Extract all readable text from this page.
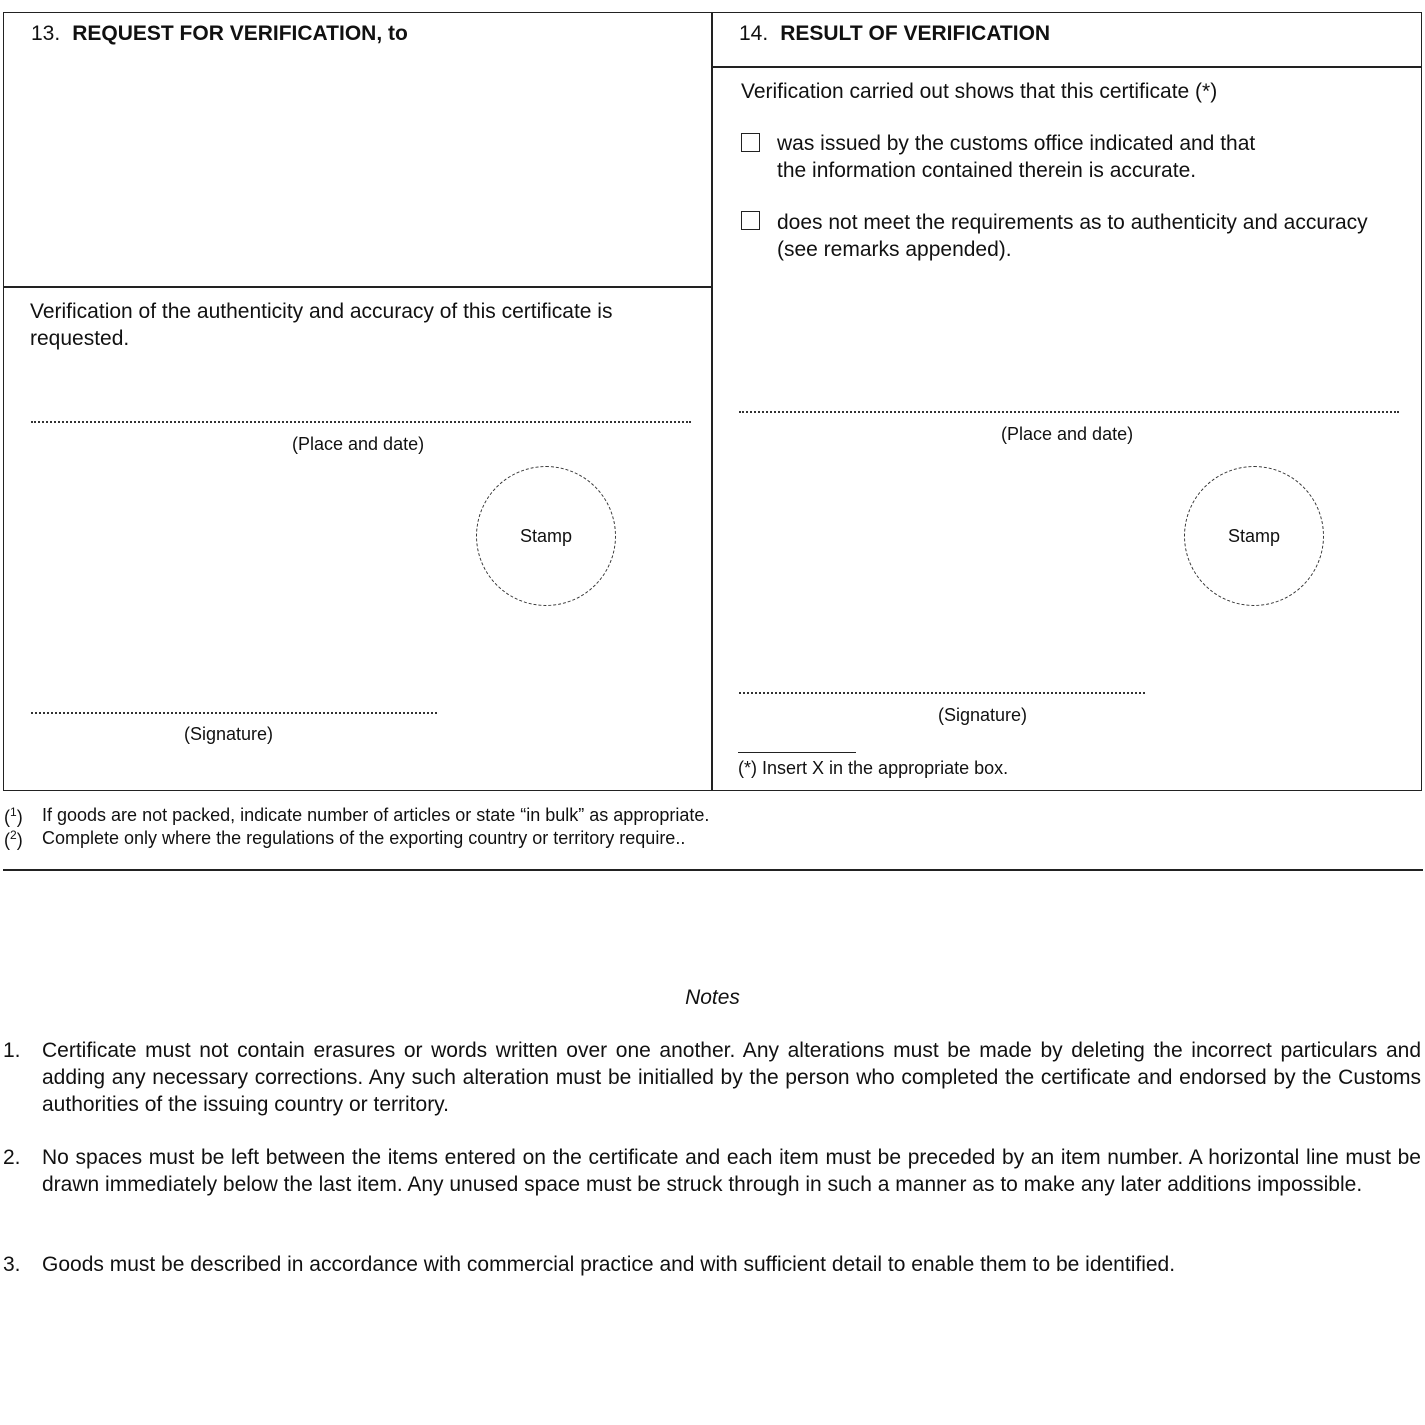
13. REQUEST FOR VERIFICATION, to
Verification of the authenticity and accuracy of this certificate is
requested.
(Place and date)
Stamp
(Signature)
14. RESULT OF VERIFICATION
Verification carried out shows that this certificate (*)
was issued by the customs office indicated and that
the information contained therein is accurate.
does not meet the requirements as to authenticity and accuracy
(see remarks appended).
(Place and date)
Stamp
(Signature)
(*) Insert X in the appropriate box.
($^1$) If goods are not packed, indicate number of articles or state “in bulk” as appropriate.
($^2$) Complete only where the regulations of the exporting country or territory require..
Notes
1. Certificate must not contain erasures or words written over one another. Any alterations must be made by deleting the incorrect particulars and adding any necessary corrections. Any such alteration must be initialled by the person who completed the certificate and endorsed by the Customs authorities of the issuing country or territory.
2. No spaces must be left between the items entered on the certificate and each item must be preceded by an item number. A horizontal line must be drawn immediately below the last item. Any unused space must be struck through in such a manner as to make any later additions impossible.
3. Goods must be described in accordance with commercial practice and with sufficient detail to enable them to be identified.
